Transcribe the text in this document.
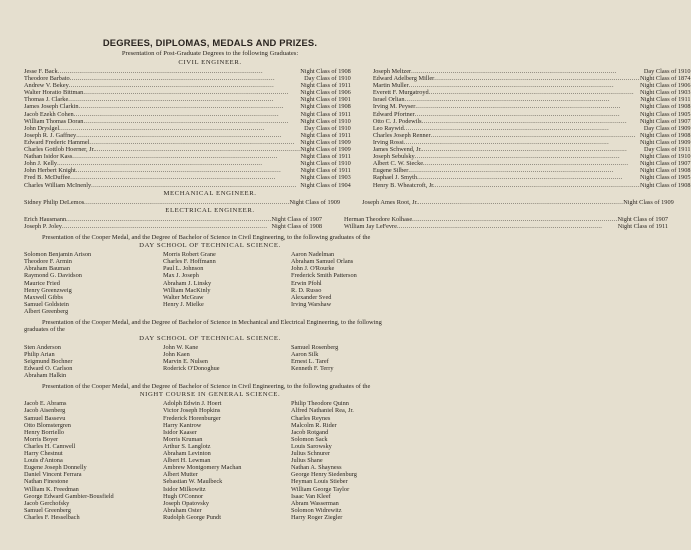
DEGREES, DIPLOMAS, MEDALS AND PRIZES.
Presentation of Post-Graduate Degrees to the following Graduates:
CIVIL ENGINEER.
Jesse F. Back .....	Night Class of 1908
Theodore Barbato .....	Day Class of 1910
Andrew V. Bekey .....	Night Class of 1911
Walter Horatio Bittman .....	Night Class of 1906
Thomas J. Clarke .....	Night Class of 1901
James Joseph Clarkin .....	Night Class of 1908
Jacob Ezekh Cohen .....	Night Class of 1911
William Thomas Doran .....	Night Class of 1910
John Dryslgel .....	Day Class of 1910
Joseph R. J. Gaffney .....	Night Class of 1911
Edward Frederic Hammel .....	Night Class of 1909
Charles Gottlob Hoerner, Jr. .....	Night Class of 1909
Nathan Isidor Kass .....	Night Class of 1911
John J. Kelly .....	Night Class of 1910
John Herbert Knight .....	Night Class of 1911
Fred B. McDuffee .....	Night Class of 1903
Charles William McInenly .....	Night Class of 1904
Joseph Meltzer .....	Day Class of 1910
Edward Adelberg Miller .....	Night Class of 1874
Martin Muller .....	Night Class of 1906
Everett F. Murgatroyd .....	Night Class of 1903
Israel Orlian .....	Night Class of 1911
Irving M. Peyser .....	Night Class of 1908
Edward Pfortner .....	Night Class of 1905
Otto C. J. Podewils .....	Night Class of 1907
Leo Raywid .....	Day Class of 1909
Charles Joseph Renner .....	Night Class of 1908
Irving Rossi .....	Night Class of 1909
James Schwend, Jr. .....	Day Class of 1911
Joseph Sebulsky .....	Night Class of 1910
Albert C. W. Siecke .....	Night Class of 1907
Eugene Silber .....	Night Class of 1908
Raphael J. Smyth .....	Night Class of 1905
Henry B. Wheatcroft, Jr. .....	Night Class of 1908
MECHANICAL ENGINEER.
Sidney Philip DeLemos .....	Night Class of 1909	Joseph Ames Root, Jr. .....	Night Class of 1909
ELECTRICAL ENGINEER.
Erich Hausmann .....	Night Class of 1907
Joseph P. Joley .....	Night Class of 1908
Herman Theodore Kolhase .....	Night Class of 1907
William Jay LeFevre .....	Night Class of 1911
Presentation of the Cooper Medal, and the Degree of Bachelor of Science in Civil Engineering, to the following graduates of the
DAY SCHOOL OF TECHNICAL SCIENCE.
Solomon Benjamin Arison
Theodore F. Armin
Abraham Bauman
Raymond G. Davidson
Maurice Fried
Henry Greenzweig
Maxwell Gibbs
Samuel Goldstein
Albert Greenberg
Morris Robert Grane
Charles F. Hoffmann
Paul L. Johnson
Max J. Joseph
Abraham J. Linsky
William MacKinly
Walter McGraw
Henry J. Mielke
Aaron Nadelman
Abraham Samuel Orlans
John J. O'Rourke
Frederick Smith Patterson
Erwin Pfohl
R. D. Russo
Alexander Sved
Irving Warshaw
Presentation of the Cooper Medal, and the Degree of Bachelor of Science in Mechanical and Electrical Engineering, to the following graduates of the
DAY SCHOOL OF TECHNICAL SCIENCE.
Sten Anderson
Philip Arian
Seigmund Bochner
Edward O. Carlson
Abraham Halkin
John W. Kane
John Kaen
Marvin E. Nulsen
Roderick O'Donoghue
Samuel Rosenberg
Aaron Silk
Ernest L. Taref
Kenneth F. Terry
Presentation of the Cooper Medal, and the Degree of Bachelor of Science in Civil Engineering, to the following graduates of the
NIGHT COURSE IN GENERAL SCIENCE.
Jacob E. Abrams
Jacob Aisenberg
Samuel Bassevu
Otto Blomstergren
Henry Borriello
Morris Boyer
Charles H. Camwell
Harry Chestnut
Louis d'Antona
Eugene Joseph Donnelly
Daniel Vincent Ferrara
Nathan Finestone
William K. Freedman
George Edward Gambier-Bousfield
Jacob Gerchofsky
Samuel Greenberg
Charles F. Hesselbach
Adolph Edwin J. Hoert
Victor Joseph Hopkins
Frederick Horenburger
Harry Kantrow
Isidor Kaaser
Morris Kruman
Arthur S. Langlotz
Abraham Levinton
Albert H. Lewman
Ambrew Montgomery Machan
Albert Mutter
Sebastian W. Maulbeck
Isidor Milkowitz
Hugh O'Connor
Joseph Opatovsky
Abraham Oster
Rudolph George Pundt
Philip Theodore Quinn
Alfred Nathaniel Rea, Jr.
Charles Reynes
Malcolm R. Rider
Jacob Rotgand
Solomon Sack
Louis Sarowsky
Julius Schnurer
Julius Shane
Nathan A. Shayness
George Henry Siedenburg
Heyman Louis Stieber
William George Taylor
Isaac Van Kleef
Abram Wasserman
Solomon Widrewitz
Harry Roger Ziegler
